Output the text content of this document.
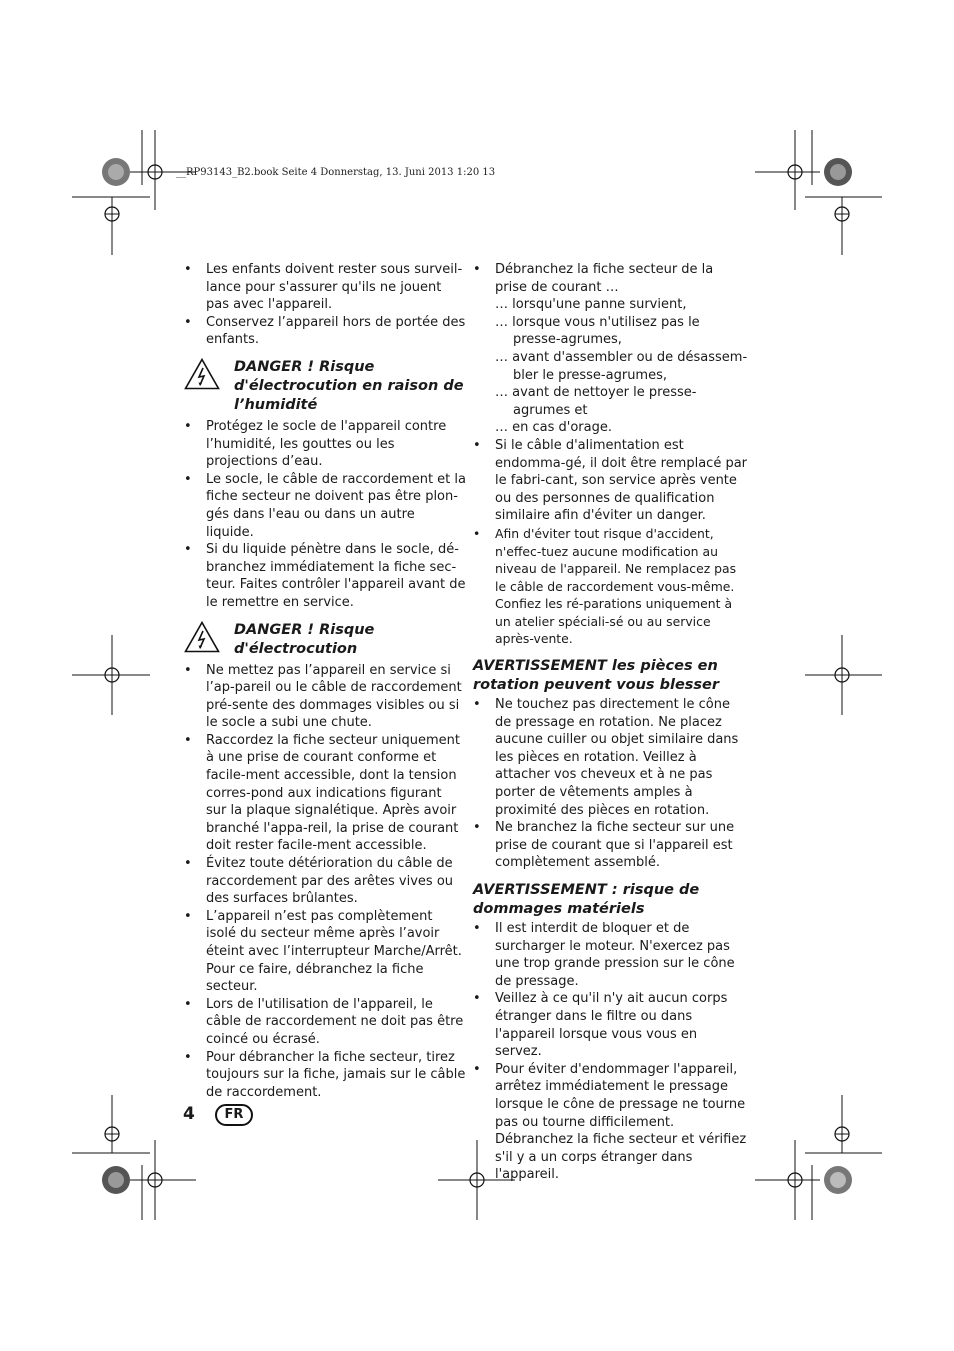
__RP93143_B2.book Seite 4 Donnerstag, 13. Juni 2013 1:20 13
• Les enfants doivent rester sous surveil-lance pour s'assurer qu'ils ne jouent pas avec l'appareil.
• Conservez l’appareil hors de portée des enfants.
DANGER ! Risque d'électrocution en raison de l’humidité
• Protégez le socle de l'appareil contre l’humidité, les gouttes ou les projections d’eau.
• Le socle, le câble de raccordement et la fiche secteur ne doivent pas être plon-gés dans l'eau ou dans un autre liquide.
• Si du liquide pénètre dans le socle, dé-branchez immédiatement la fiche sec-teur. Faites contrôler l'appareil avant de le remettre en service.
DANGER ! Risque d'électrocution
• Ne mettez pas l’appareil en service si l’ap-pareil ou le câble de raccordement pré-sente des dommages visibles ou si le socle a subi une chute.
• Raccordez la fiche secteur uniquement à une prise de courant conforme et facile-ment accessible, dont la tension corres-pond aux indications figurant sur la plaque signalétique. Après avoir branché l'appa-reil, la prise de courant doit rester facile-ment accessible.
• Évitez toute détérioration du câble de raccordement par des arêtes vives ou des surfaces brûlantes.
• L’appareil n’est pas complètement isolé du secteur même après l’avoir éteint avec l’interrupteur Marche/Arrêt. Pour ce faire, débranchez la fiche secteur.
• Lors de l'utilisation de l'appareil, le câble de raccordement ne doit pas être coincé ou écrasé.
• Pour débrancher la fiche secteur, tirez toujours sur la fiche, jamais sur le câble de raccordement.
• Débranchez la fiche secteur de la prise de courant …
… lorsqu'une panne survient,
… lorsque vous n'utilisez pas le presse-agrumes,
… avant d'assembler ou de désassem-bler le presse-agrumes,
… avant de nettoyer le presse-agrumes et
… en cas d'orage.
• Si le câble d'alimentation est endomma-gé, il doit être remplacé par le fabri-cant, son service après vente ou des personnes de qualification similaire afin d'éviter un danger.
• Afin d'éviter tout risque d'accident, n'effec-tuez aucune modification au niveau de l'appareil. Ne remplacez pas le câble de raccordement vous-même. Confiez les ré-parations uniquement à un atelier spéciali-sé ou au service après-vente.
AVERTISSEMENT les pièces en rotation peuvent vous blesser
• Ne touchez pas directement le cône de pressage en rotation. Ne placez aucune cuiller ou objet similaire dans les pièces en rotation. Veillez à attacher vos cheveux et à ne pas porter de vêtements amples à proximité des pièces en rotation.
• Ne branchez la fiche secteur sur une prise de courant que si l'appareil est complètement assemblé.
AVERTISSEMENT : risque de dommages matériels
• Il est interdit de bloquer et de surcharger le moteur. N'exercez pas une trop grande pression sur le cône de pressage.
• Veillez à ce qu'il n'y ait aucun corps étranger dans le filtre ou dans l'appareil lorsque vous vous en servez.
• Pour éviter d'endommager l'appareil, arrêtez immédiatement le pressage lorsque le cône de pressage ne tourne pas ou tourne difficilement. Débranchez la fiche secteur et vérifiez s'il y a un corps étranger dans l'appareil.
4	FR
